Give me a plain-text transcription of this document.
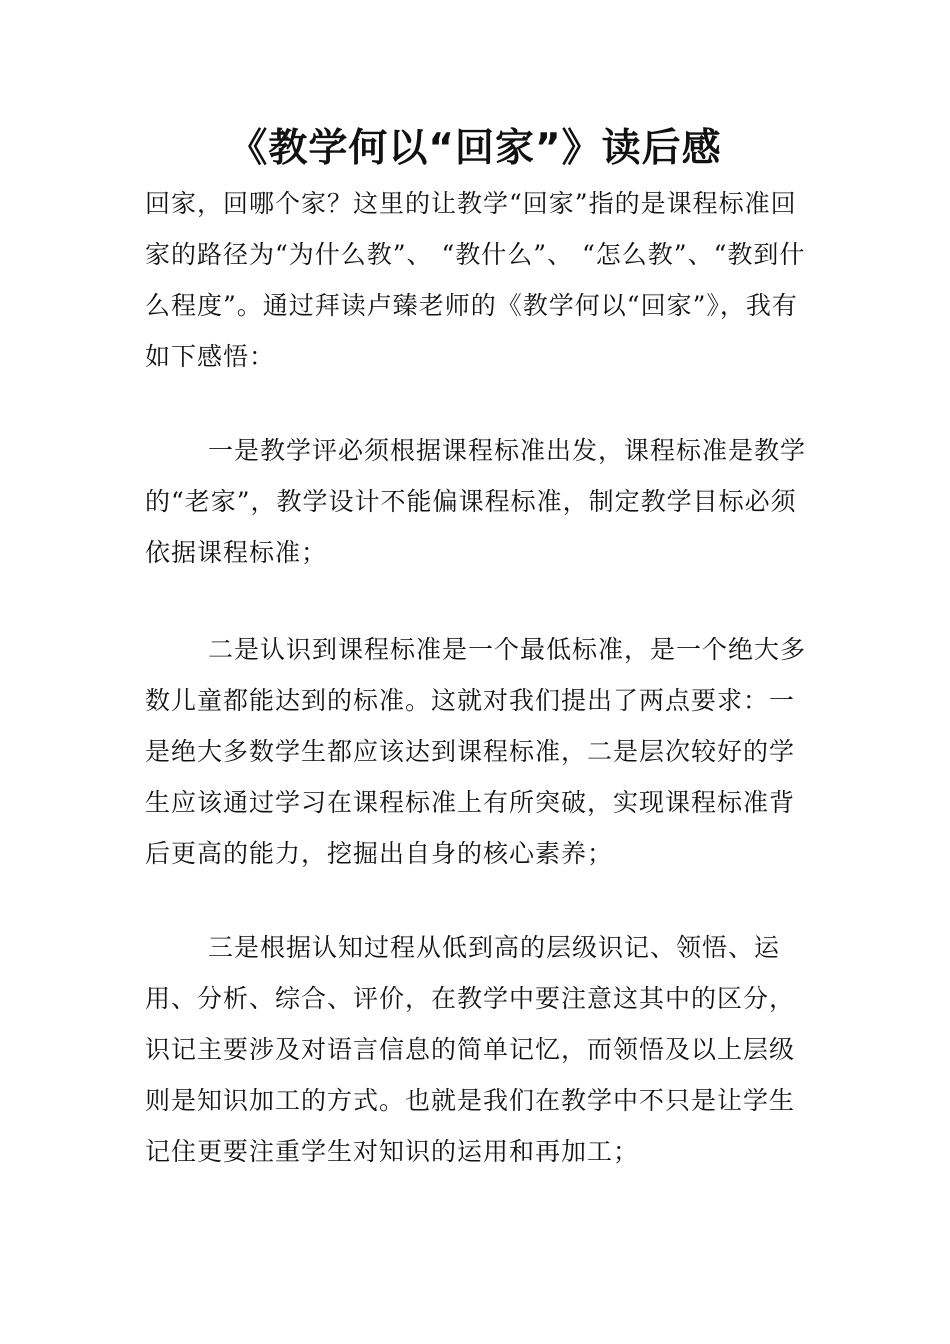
《教学何以“回家”》读后感

回家，回哪个家？这里的让教学“回家”指的是课程标准回家的路径为“为什么教”、 “教什么”、 “怎么教”、“教到什么程度”。通过拜读卢臻老师的《教学何以“回家”》，我有如下感悟：

一是教学评必须根据课程标准出发，课程标准是教学的“老家”，教学设计不能偏课程标准，制定教学目标必须依据课程标准；

二是认识到课程标准是一个最低标准，是一个绝大多数儿童都能达到的标准。这就对我们提出了两点要求：一是绝大多数学生都应该达到课程标准，二是层次较好的学生应该通过学习在课程标准上有所突破，实现课程标准背后更高的能力，挖掘出自身的核心素养；

三是根据认知过程从低到高的层级识记、领悟、运用、分析、综合、评价，在教学中要注意这其中的区分，识记主要涉及对语言信息的简单记忆，而领悟及以上层级则是知识加工的方式。也就是我们在教学中不只是让学生记住更要注重学生对知识的运用和再加工；
